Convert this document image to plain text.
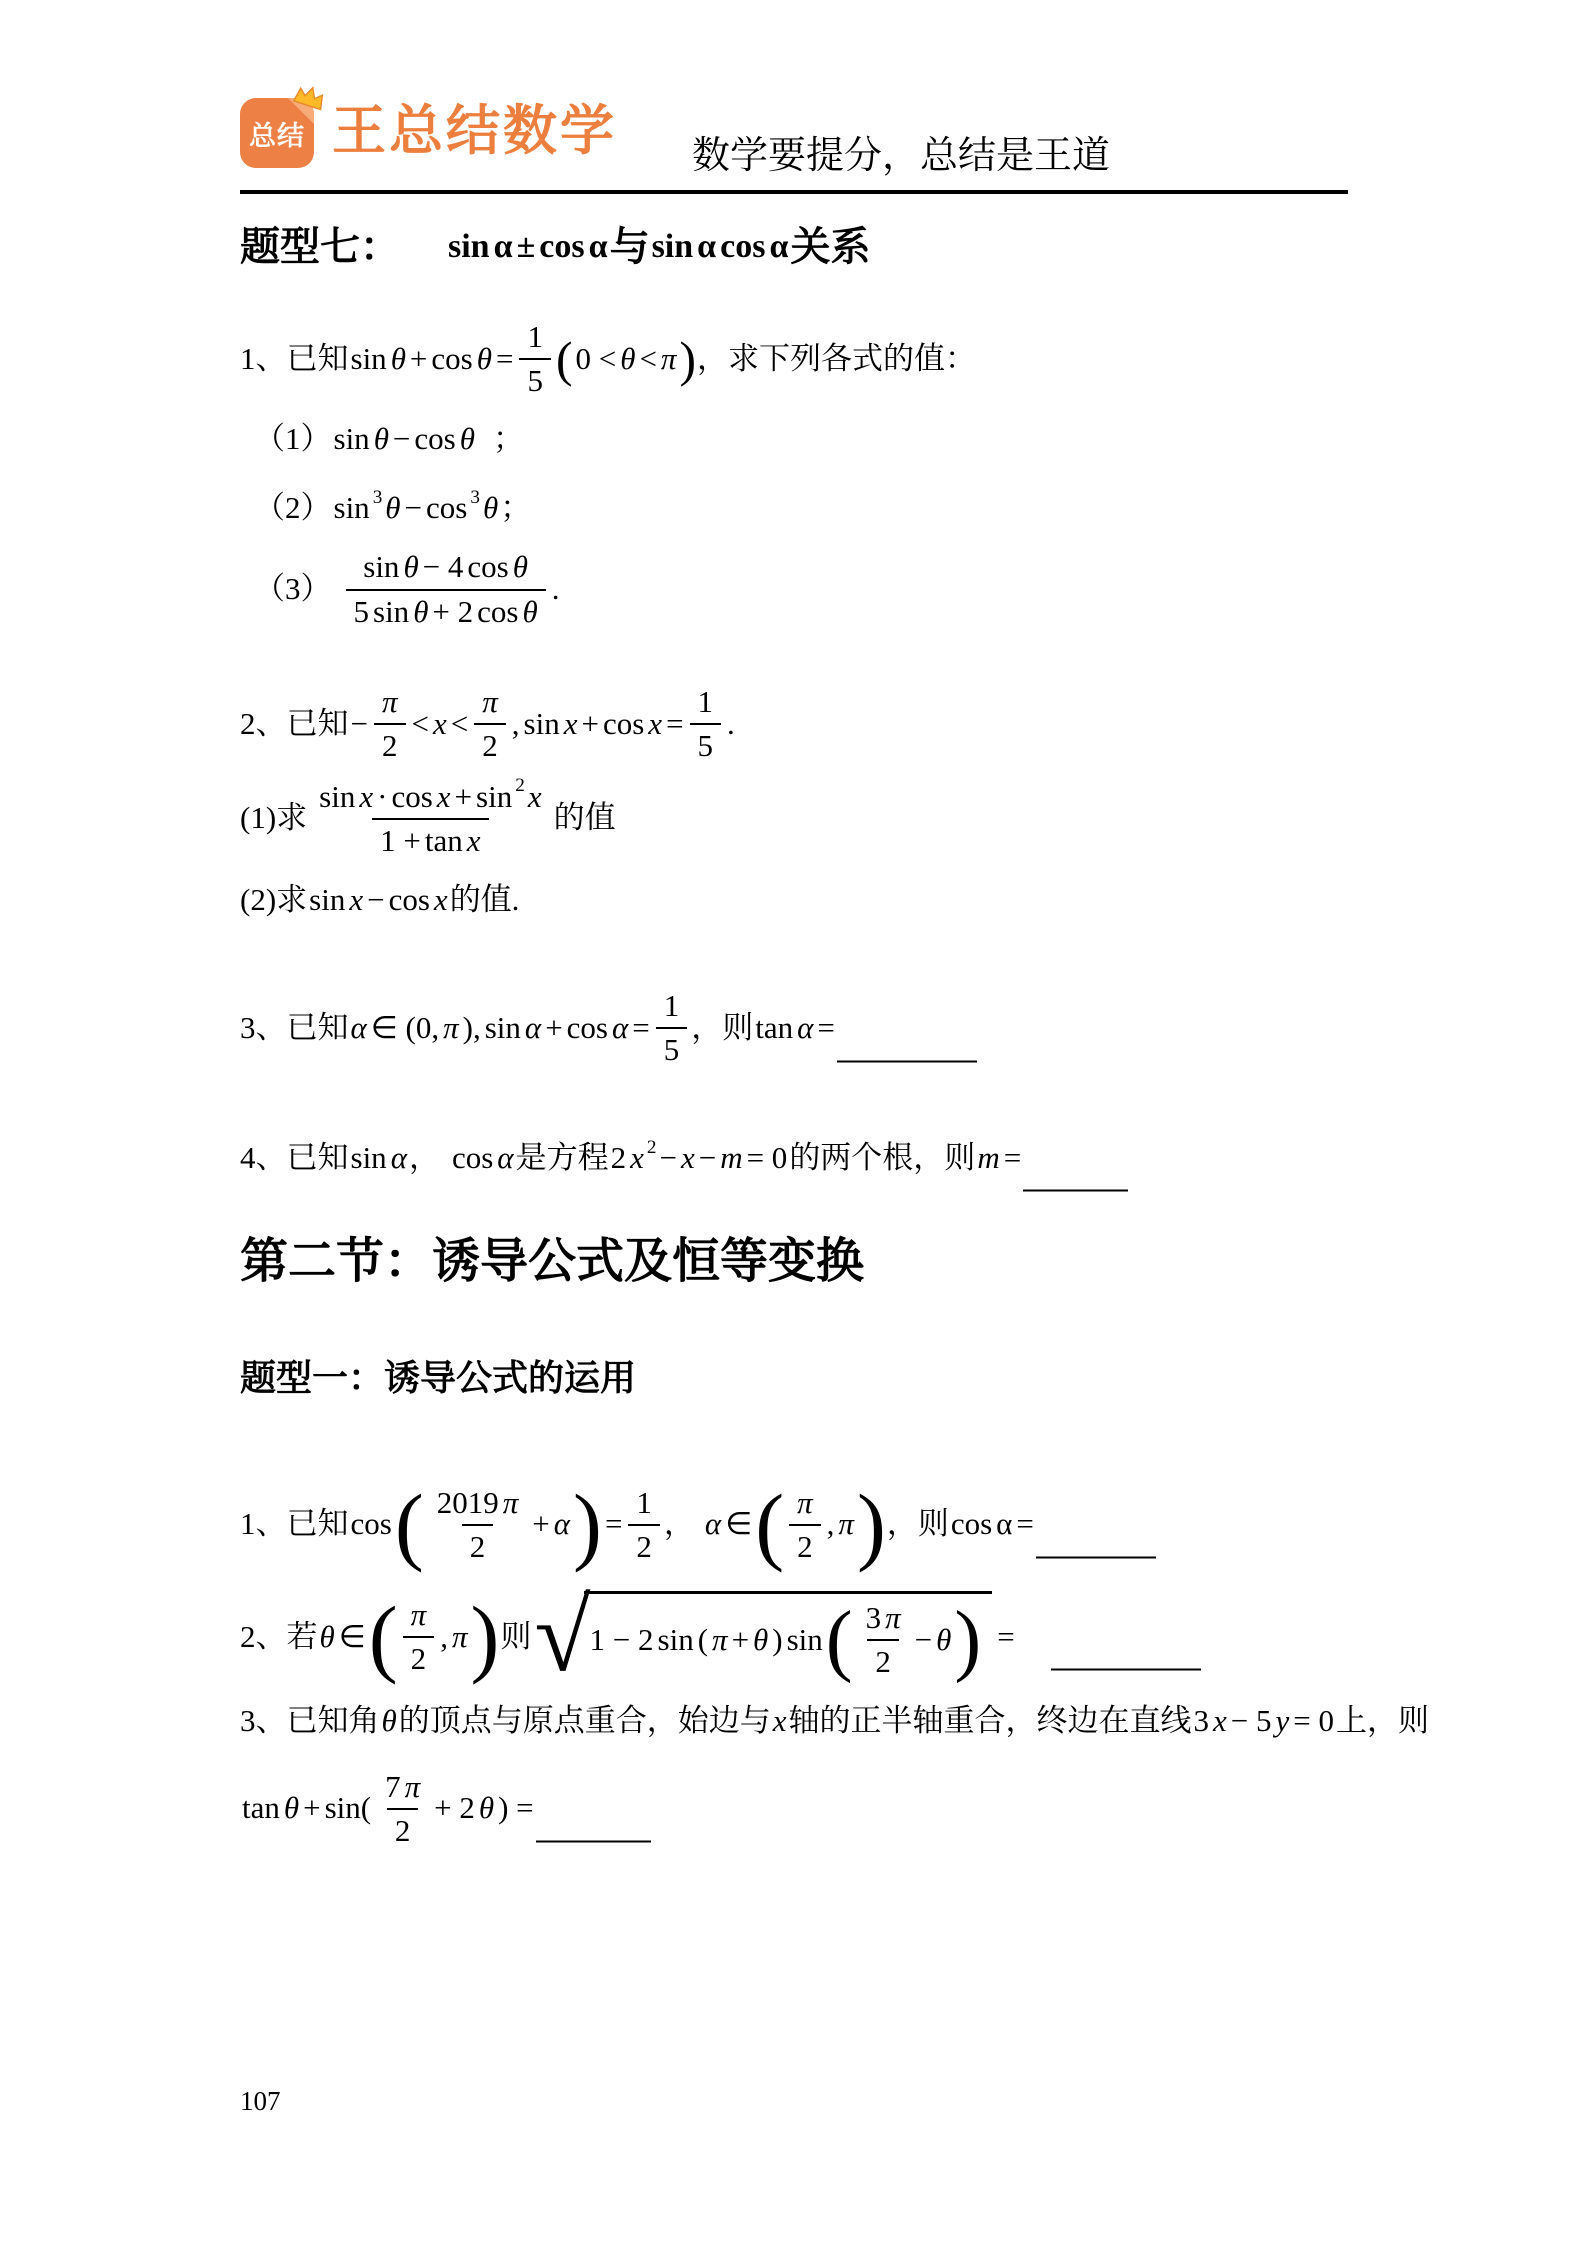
总结 王总结数学 数学要提分，总结是王道
题型七： sin α ± cos α 与 sin α cos α 关系
1、已知 $\sin \theta + \cos \theta = \frac{1}{5}$ ( 0 < θ < π ) ，求下列各式的值：
（1） sin θ − cos θ ；
（2） sin 3 θ − cos 3 θ ；
$(3) \frac{\text{sin θ − 4 cos θ}}{\text{5 sin θ + 2 cos θ}}$ .
2、已知 − $\frac{\pi}{2} < x < \frac{\pi}{2}$ , $\sin x + \cos x = \frac{1}{5}$ .
(1)求 $\frac{\text{sin x · cos x + sin 2 x}}{\text{1 + tan x}}$ 的值
(2)求 sin x − cos x 的值.
3、已知 α ∈ (0, π ), $\sin \alpha + \cos \alpha = \frac{1}{5}$ ，则 tan α =
4、已知 sin α ， cos α 是方程 2 x 2 − x − m = 0 的两个根，则 m =
第二节：诱导公式及恒等变换
题型一：诱导公式的运用
1、已知 cos ( $\frac{2019 \pi}{2} + \alpha$ ) = $\frac{1}{2}$ ， α ∈ ( $\frac{\pi}{2}$ , π ) ，则 cos α =
2、若 θ ∈ ( $\frac{\pi}{2}$ , π ) 则 √ 1 − 2 sin ( π + θ ) sin ( $\frac{3 \pi}{2} - \theta$ ) =
3、已知角 θ 的顶点与原点重合，始边与 x 轴的正半轴重合，终边在直线 3 x − 5 y = 0 上，则
$\tan \theta + \sin( \frac{7 \pi}{2} + 2$ θ ) =
107
